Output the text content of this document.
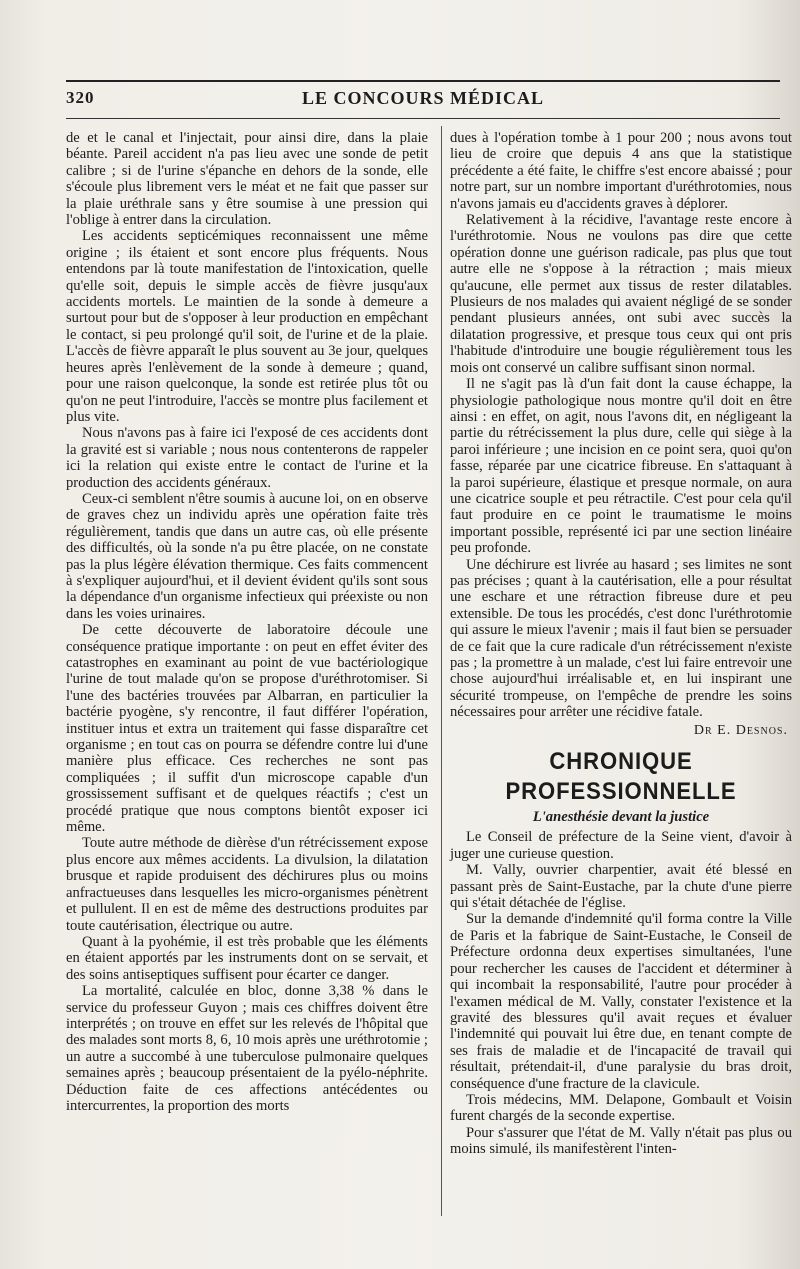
320	LE CONCOURS MÉDICAL

de et le canal et l'injectait, pour ainsi dire, dans la plaie béante. Pareil accident n'a pas lieu avec une sonde de petit calibre ; si de l'urine s'épanche en dehors de la sonde, elle s'écoule plus librement vers le méat et ne fait que passer sur la plaie uréthrale sans y être soumise à une pression qui l'oblige à entrer dans la circulation.

Les accidents septicémiques reconnaissent une même origine ; ils étaient et sont encore plus fréquents. Nous entendons par là toute manifestation de l'intoxication, quelle qu'elle soit, depuis le simple accès de fièvre jusqu'aux accidents mortels. Le maintien de la sonde à demeure a surtout pour but de s'opposer à leur production en empêchant le contact, si peu prolongé qu'il soit, de l'urine et de la plaie. L'accès de fièvre apparaît le plus souvent au 3e jour, quelques heures après l'enlèvement de la sonde à demeure ; quand, pour une raison quelconque, la sonde est retirée plus tôt ou qu'on ne peut l'introduire, l'accès se montre plus facilement et plus vite.

Nous n'avons pas à faire ici l'exposé de ces accidents dont la gravité est si variable ; nous nous contenterons de rappeler ici la relation qui existe entre le contact de l'urine et la production des accidents généraux.

Ceux-ci semblent n'être soumis à aucune loi, on en observe de graves chez un individu après une opération faite très régulièrement, tandis que dans un autre cas, où elle présente des difficultés, où la sonde n'a pu être placée, on ne constate pas la plus légère élévation thermique. Ces faits commencent à s'expliquer aujourd'hui, et il devient évident qu'ils sont sous la dépendance d'un organisme infectieux qui préexiste ou non dans les voies urinaires.

De cette découverte de laboratoire découle une conséquence pratique importante : on peut en effet éviter des catastrophes en examinant au point de vue bactériologique l'urine de tout malade qu'on se propose d'uréthrotomiser. Si l'une des bactéries trouvées par Albarran, en particulier la bactérie pyogène, s'y rencontre, il faut différer l'opération, instituer intus et extra un traitement qui fasse disparaître cet organisme ; en tout cas on pourra se défendre contre lui d'une manière plus efficace. Ces recherches ne sont pas compliquées ; il suffit d'un microscope capable d'un grossissement suffisant et de quelques réactifs ; c'est un procédé pratique que nous comptons bientôt exposer ici même.

Toute autre méthode de dièrèse d'un rétrécissement expose plus encore aux mêmes accidents. La divulsion, la dilatation brusque et rapide produisent des déchirures plus ou moins anfractueuses dans lesquelles les micro-organismes pénètrent et pullulent. Il en est de même des destructions produites par toute cautérisation, électrique ou autre.

Quant à la pyohémie, il est très probable que les éléments en étaient apportés par les instruments dont on se servait, et des soins antiseptiques suffisent pour écarter ce danger.

La mortalité, calculée en bloc, donne 3,38 % dans le service du professeur Guyon ; mais ces chiffres doivent être interprétés ; on trouve en effet sur les relevés de l'hôpital que des malades sont morts 8, 6, 10 mois après une uréthrotomie ; un autre a succombé à une tuberculose pulmonaire quelques semaines après ; beaucoup présentaient de la pyélo-néphrite. Déduction faite de ces affections antécédentes ou intercurrentes, la proportion des morts

dues à l'opération tombe à 1 pour 200 ; nous avons tout lieu de croire que depuis 4 ans que la statistique précédente a été faite, le chiffre s'est encore abaissé ; pour notre part, sur un nombre important d'uréthrotomies, nous n'avons jamais eu d'accidents graves à déplorer.

Relativement à la récidive, l'avantage reste encore à l'uréthrotomie. Nous ne voulons pas dire que cette opération donne une guérison radicale, pas plus que tout autre elle ne s'oppose à la rétraction ; mais mieux qu'aucune, elle permet aux tissus de rester dilatables. Plusieurs de nos malades qui avaient négligé de se sonder pendant plusieurs années, ont subi avec succès la dilatation progressive, et presque tous ceux qui ont pris l'habitude d'introduire une bougie régulièrement tous les mois ont conservé un calibre suffisant sinon normal.

Il ne s'agit pas là d'un fait dont la cause échappe, la physiologie pathologique nous montre qu'il doit en être ainsi : en effet, on agit, nous l'avons dit, en négligeant la partie du rétrécissement la plus dure, celle qui siège à la paroi inférieure ; une incision en ce point sera, quoi qu'on fasse, réparée par une cicatrice fibreuse. En s'attaquant à la paroi supérieure, élastique et presque normale, on aura une cicatrice souple et peu rétractile. C'est pour cela qu'il faut produire en ce point le traumatisme le moins important possible, représenté ici par une section linéaire peu profonde.

Une déchirure est livrée au hasard ; ses limites ne sont pas précises ; quant à la cautérisation, elle a pour résultat une eschare et une rétraction fibreuse dure et peu extensible. De tous les procédés, c'est donc l'uréthrotomie qui assure le mieux l'avenir ; mais il faut bien se persuader de ce fait que la cure radicale d'un rétrécissement n'existe pas ; la promettre à un malade, c'est lui faire entrevoir une chose aujourd'hui irréalisable et, en lui inspirant une sécurité trompeuse, on l'empêche de prendre les soins nécessaires pour arrêter une récidive fatale.

Dr E. Desnos.
CHRONIQUE PROFESSIONNELLE
L'anesthésie devant la justice

Le Conseil de préfecture de la Seine vient, d'avoir à juger une curieuse question.

M. Vally, ouvrier charpentier, avait été blessé en passant près de Saint-Eustache, par la chute d'une pierre qui s'était détachée de l'église.

Sur la demande d'indemnité qu'il forma contre la Ville de Paris et la fabrique de Saint-Eustache, le Conseil de Préfecture ordonna deux expertises simultanées, l'une pour rechercher les causes de l'accident et déterminer à qui incombait la responsabilité, l'autre pour procéder à l'examen médical de M. Vally, constater l'existence et la gravité des blessures qu'il avait reçues et évaluer l'indemnité qui pouvait lui être due, en tenant compte de ses frais de maladie et de l'incapacité de travail qui résultait, prétendait-il, d'une paralysie du bras droit, conséquence d'une fracture de la clavicule.

Trois médecins, MM. Delapone, Gombault et Voisin furent chargés de la seconde expertise.

Pour s'assurer que l'état de M. Vally n'était pas plus ou moins simulé, ils manifestèrent l'inten-
